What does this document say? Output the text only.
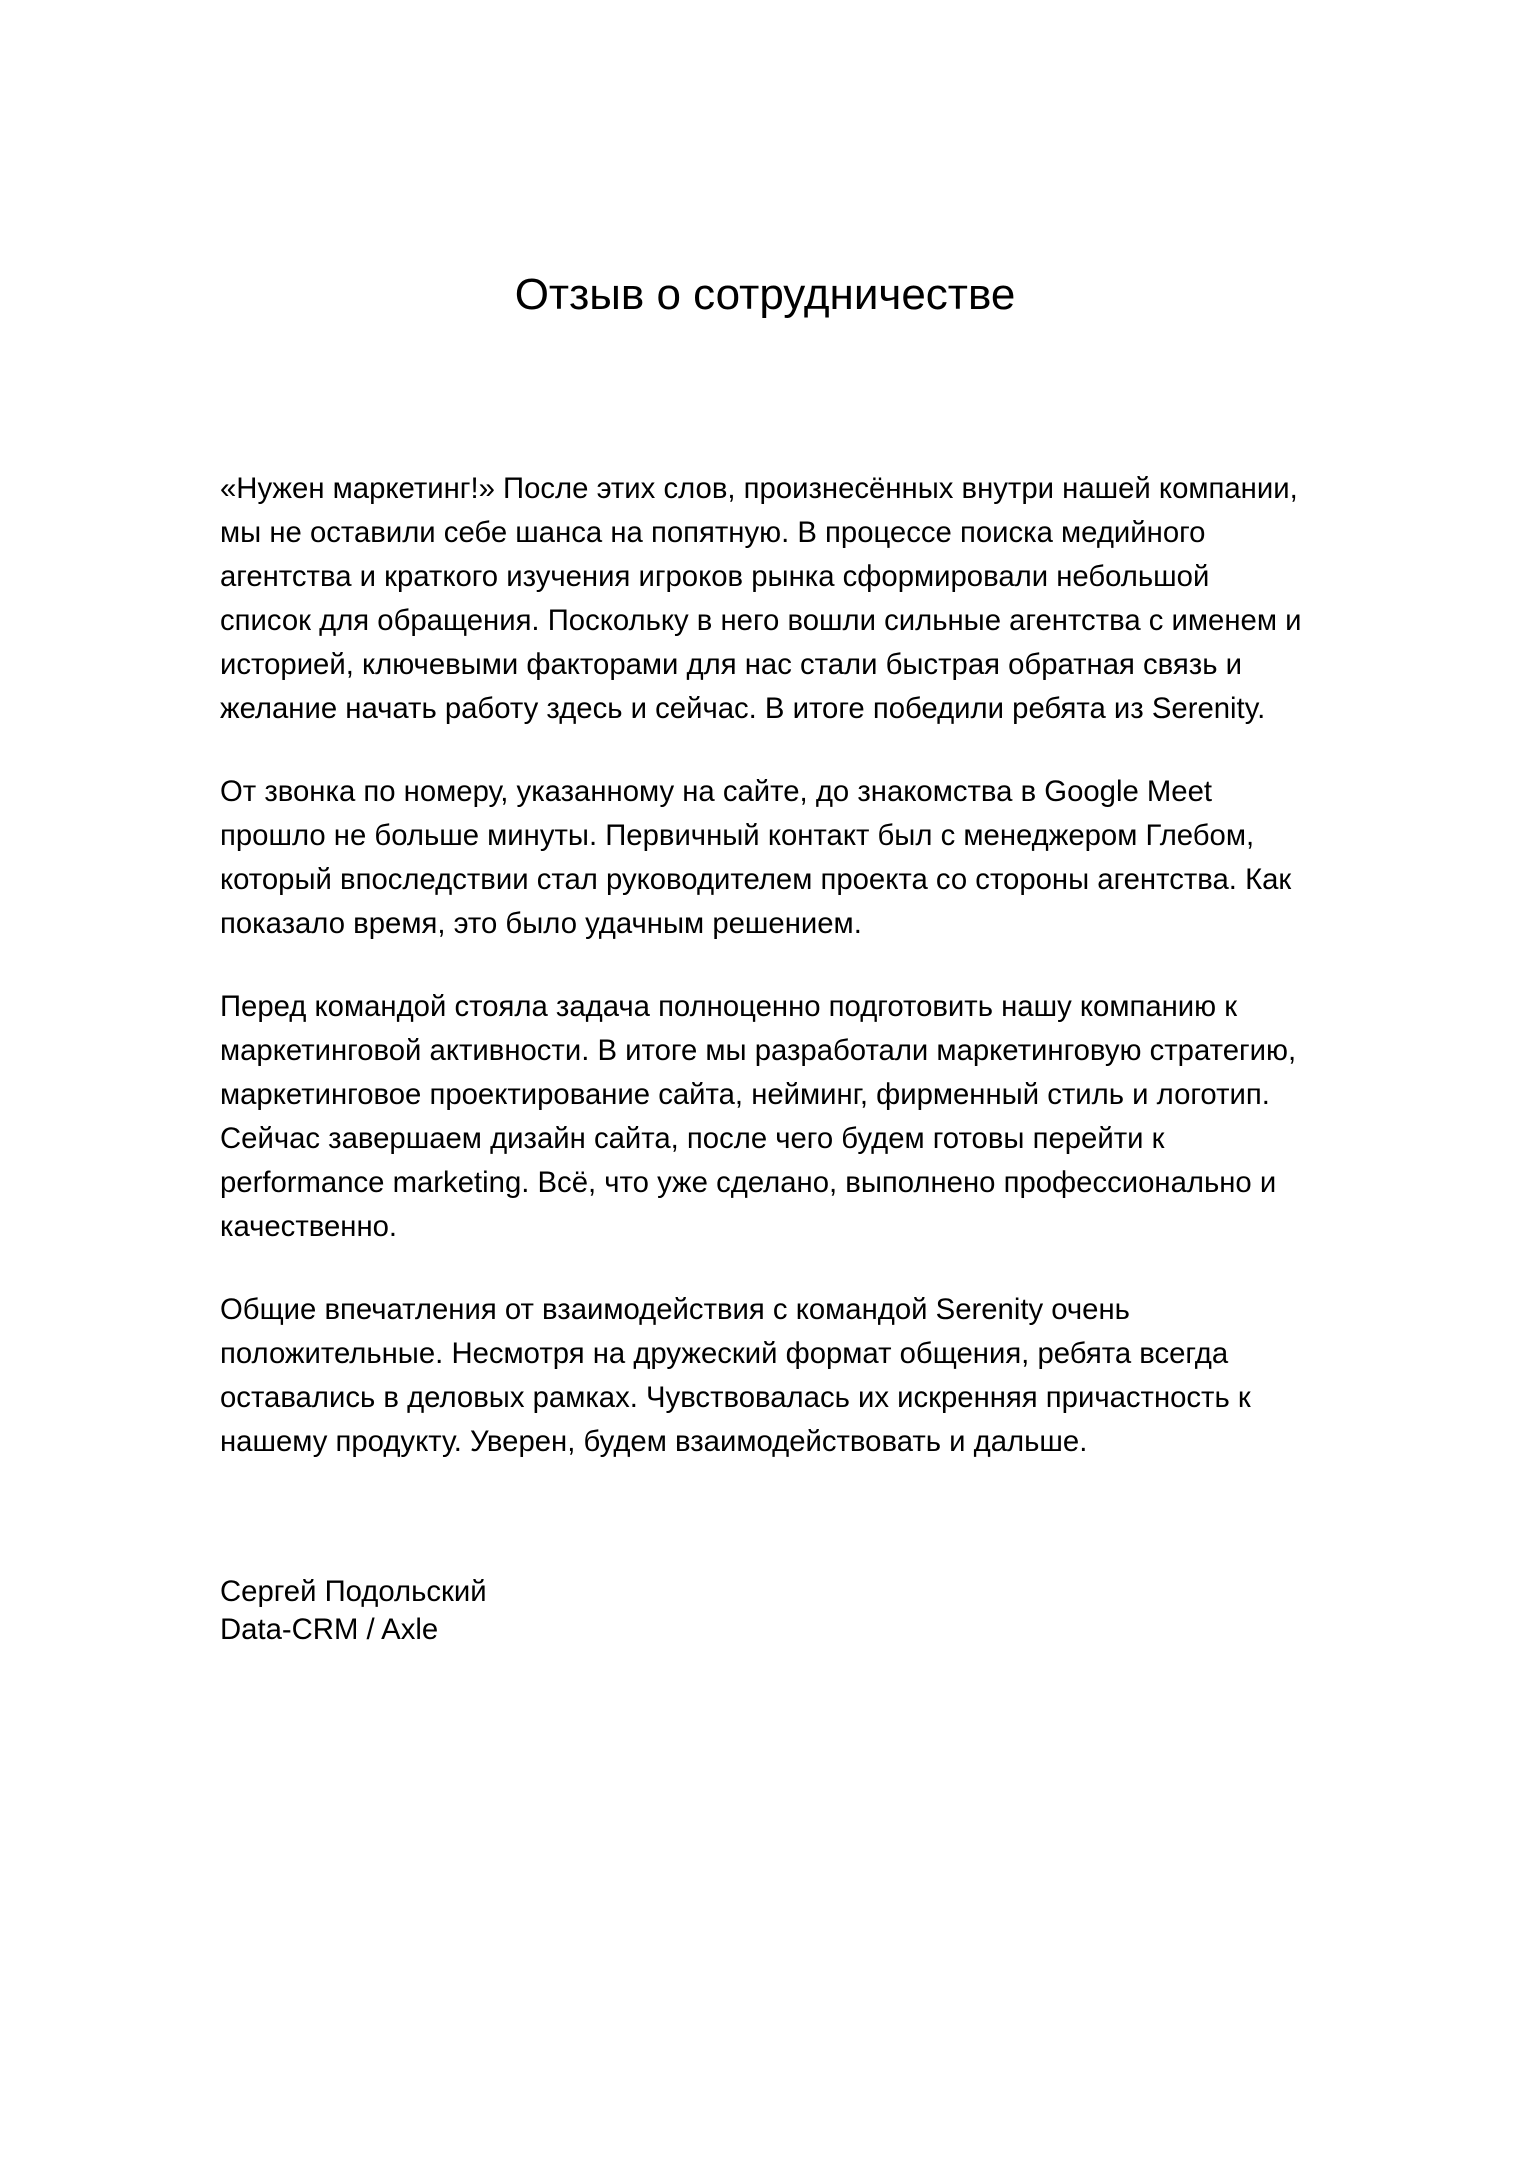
Отзыв о сотрудничестве

«Нужен маркетинг!» После этих слов, произнесённых внутри нашей компании,
мы не оставили себе шанса на попятную. В процессе поиска медийного
агентства и краткого изучения игроков рынка сформировали небольшой
список для обращения. Поскольку в него вошли сильные агентства с именем и
историей, ключевыми факторами для нас стали быстрая обратная связь и
желание начать работу здесь и сейчас. В итоге победили ребята из Serenity.

От звонка по номеру, указанному на сайте, до знакомства в Google Meet
прошло не больше минуты. Первичный контакт был с менеджером Глебом,
который впоследствии стал руководителем проекта со стороны агентства. Как
показало время, это было удачным решением.

Перед командой стояла задача полноценно подготовить нашу компанию к
маркетинговой активности. В итоге мы разработали маркетинговую стратегию,
маркетинговое проектирование сайта, нейминг, фирменный стиль и логотип.
Сейчас завершаем дизайн сайта, после чего будем готовы перейти к
performance marketing. Всё, что уже сделано, выполнено профессионально и
качественно.

Общие впечатления от взаимодействия с командой Serenity очень
положительные. Несмотря на дружеский формат общения, ребята всегда
оставались в деловых рамках. Чувствовалась их искренняя причастность к
нашему продукту. Уверен, будем взаимодействовать и дальше.

Сергей Подольский
Data-CRM / Axle
